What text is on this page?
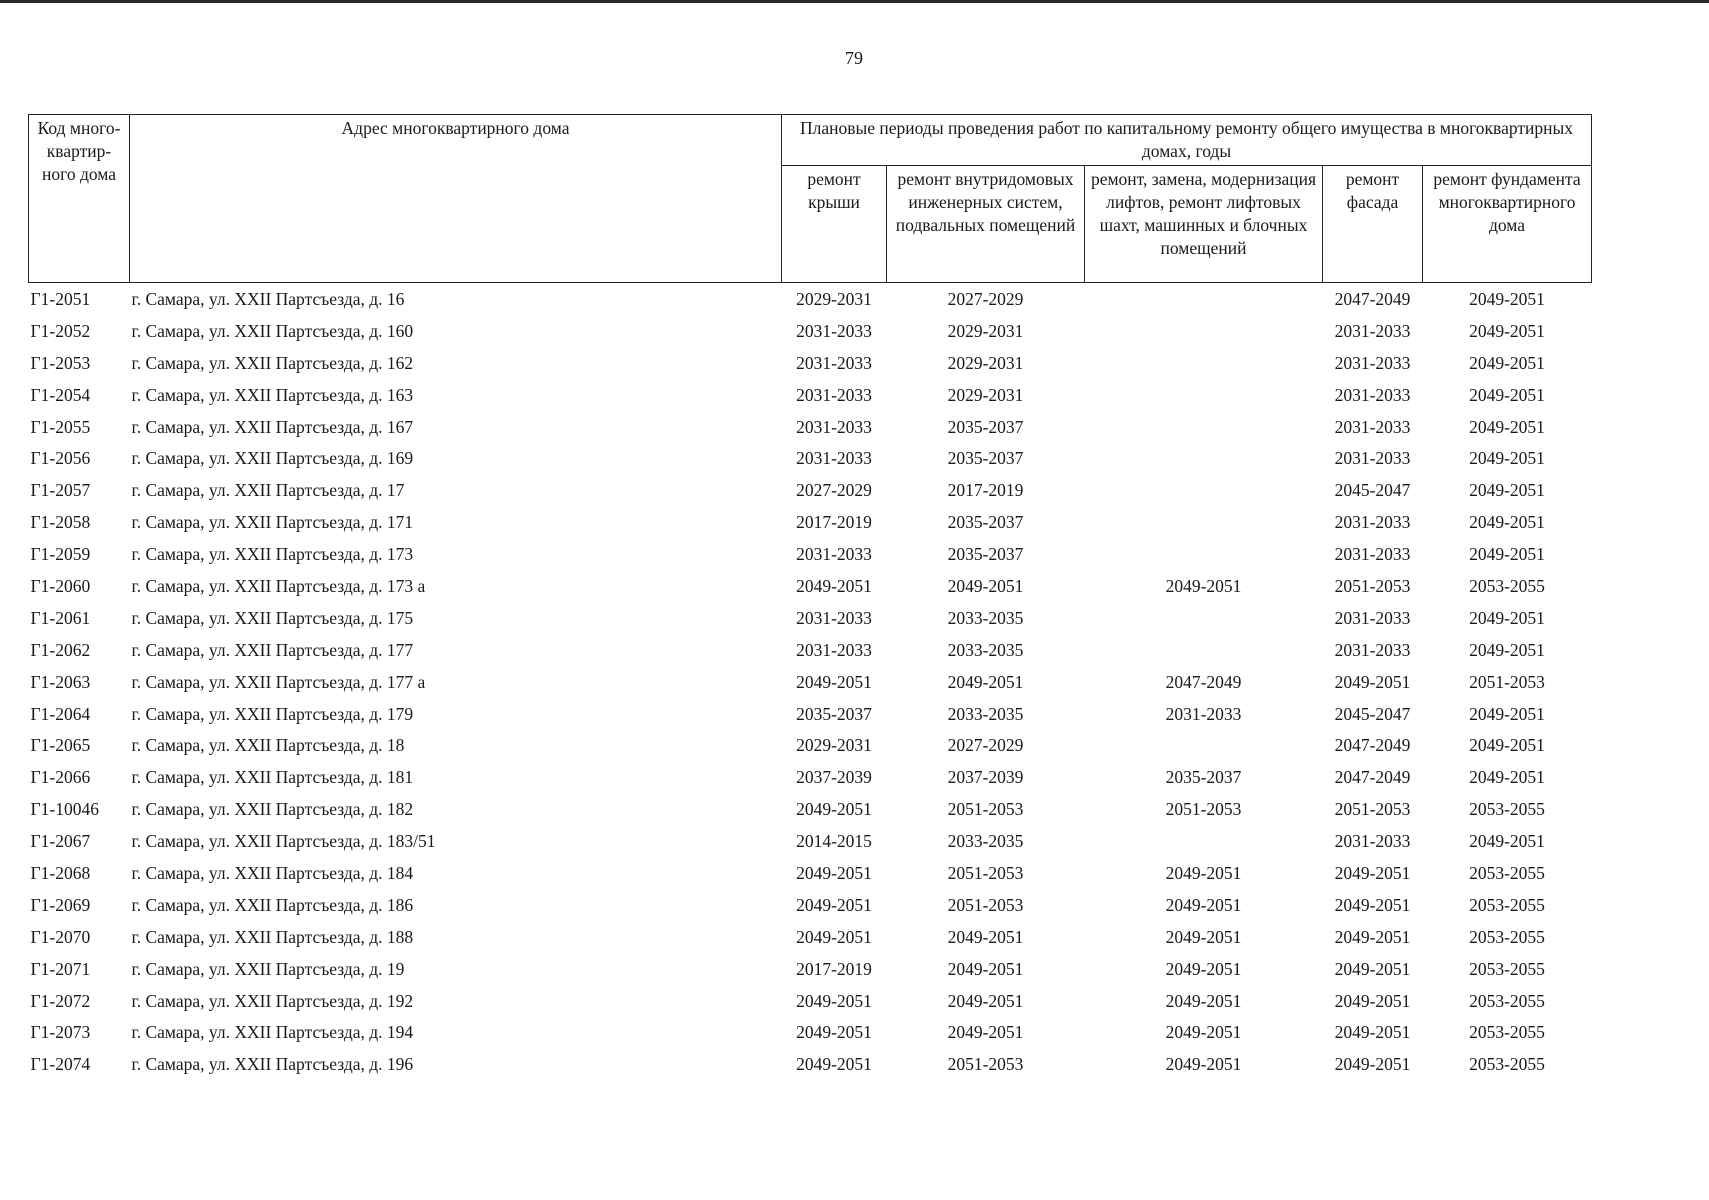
79
Код много-квартир-ного дома	Адрес многоквартирного дома	Плановые периоды проведения работ по капитальному ремонту общего имущества в многоквартирных домах, годы				
		ремонт крыши	ремонт внутридомовых инженерных систем, подвальных помещений	ремонт, замена, модернизация лифтов, ремонт лифтовых шахт, машинных и блочных помещений	ремонт фасада	ремонт фундамента многоквартирного дома
Г1-2051	г. Самара, ул. XXII Партсъезда, д. 16	2029-2031	2027-2029		2047-2049	2049-2051
Г1-2052	г. Самара, ул. XXII Партсъезда, д. 160	2031-2033	2029-2031		2031-2033	2049-2051
Г1-2053	г. Самара, ул. XXII Партсъезда, д. 162	2031-2033	2029-2031		2031-2033	2049-2051
Г1-2054	г. Самара, ул. XXII Партсъезда, д. 163	2031-2033	2029-2031		2031-2033	2049-2051
Г1-2055	г. Самара, ул. XXII Партсъезда, д. 167	2031-2033	2035-2037		2031-2033	2049-2051
Г1-2056	г. Самара, ул. XXII Партсъезда, д. 169	2031-2033	2035-2037		2031-2033	2049-2051
Г1-2057	г. Самара, ул. XXII Партсъезда, д. 17	2027-2029	2017-2019		2045-2047	2049-2051
Г1-2058	г. Самара, ул. XXII Партсъезда, д. 171	2017-2019	2035-2037		2031-2033	2049-2051
Г1-2059	г. Самара, ул. XXII Партсъезда, д. 173	2031-2033	2035-2037		2031-2033	2049-2051
Г1-2060	г. Самара, ул. XXII Партсъезда, д. 173 а	2049-2051	2049-2051	2049-2051	2051-2053	2053-2055
Г1-2061	г. Самара, ул. XXII Партсъезда, д. 175	2031-2033	2033-2035		2031-2033	2049-2051
Г1-2062	г. Самара, ул. XXII Партсъезда, д. 177	2031-2033	2033-2035		2031-2033	2049-2051
Г1-2063	г. Самара, ул. XXII Партсъезда, д. 177 а	2049-2051	2049-2051	2047-2049	2049-2051	2051-2053
Г1-2064	г. Самара, ул. XXII Партсъезда, д. 179	2035-2037	2033-2035	2031-2033	2045-2047	2049-2051
Г1-2065	г. Самара, ул. XXII Партсъезда, д. 18	2029-2031	2027-2029		2047-2049	2049-2051
Г1-2066	г. Самара, ул. XXII Партсъезда, д. 181	2037-2039	2037-2039	2035-2037	2047-2049	2049-2051
Г1-10046	г. Самара, ул. XXII Партсъезда, д. 182	2049-2051	2051-2053	2051-2053	2051-2053	2053-2055
Г1-2067	г. Самара, ул. XXII Партсъезда, д. 183/51	2014-2015	2033-2035		2031-2033	2049-2051
Г1-2068	г. Самара, ул. XXII Партсъезда, д. 184	2049-2051	2051-2053	2049-2051	2049-2051	2053-2055
Г1-2069	г. Самара, ул. XXII Партсъезда, д. 186	2049-2051	2051-2053	2049-2051	2049-2051	2053-2055
Г1-2070	г. Самара, ул. XXII Партсъезда, д. 188	2049-2051	2049-2051	2049-2051	2049-2051	2053-2055
Г1-2071	г. Самара, ул. XXII Партсъезда, д. 19	2017-2019	2049-2051	2049-2051	2049-2051	2053-2055
Г1-2072	г. Самара, ул. XXII Партсъезда, д. 192	2049-2051	2049-2051	2049-2051	2049-2051	2053-2055
Г1-2073	г. Самара, ул. XXII Партсъезда, д. 194	2049-2051	2049-2051	2049-2051	2049-2051	2053-2055
Г1-2074	г. Самара, ул. XXII Партсъезда, д. 196	2049-2051	2051-2053	2049-2051	2049-2051	2053-2055
